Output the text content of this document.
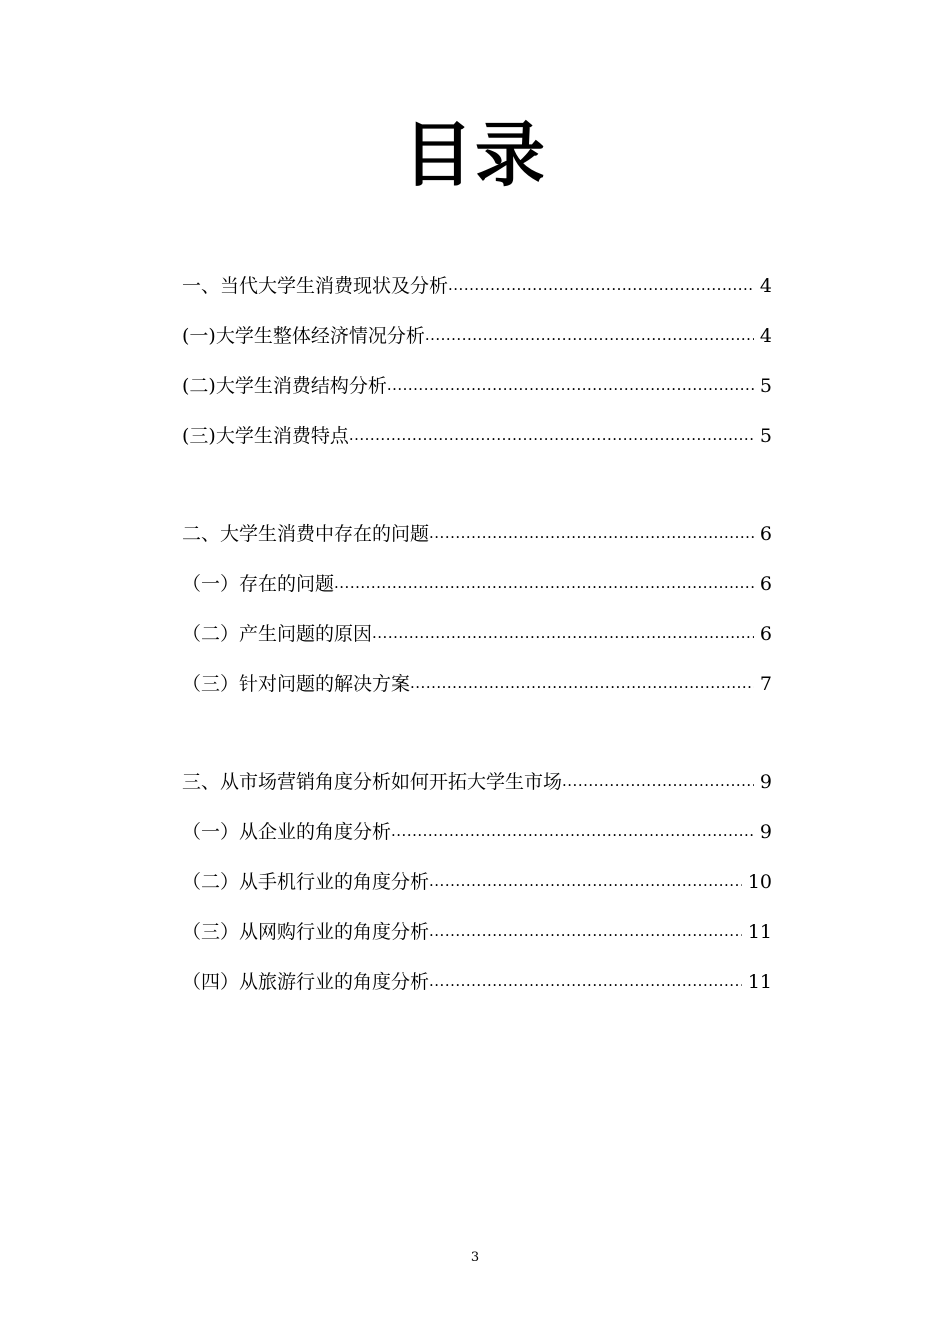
目录
一、当代大学生消费现状及分析 ·····	4
(一)大学生整体经济情况分析 ·····	4
(二)大学生消费结构分析 ·····	5
(三)大学生消费特点 ·····	5
二、大学生消费中存在的问题 ·····	6
（一）存在的问题 ·····	6
（二）产生问题的原因 ·····	6
（三）针对问题的解决方案 ·····	7
三、从市场营销角度分析如何开拓大学生市场 ·····	9
（一）从企业的角度分析 ·····	9
（二）从手机行业的角度分析 ·····	10
（三）从网购行业的角度分析 ·····	11
（四）从旅游行业的角度分析 ·····	11
3
